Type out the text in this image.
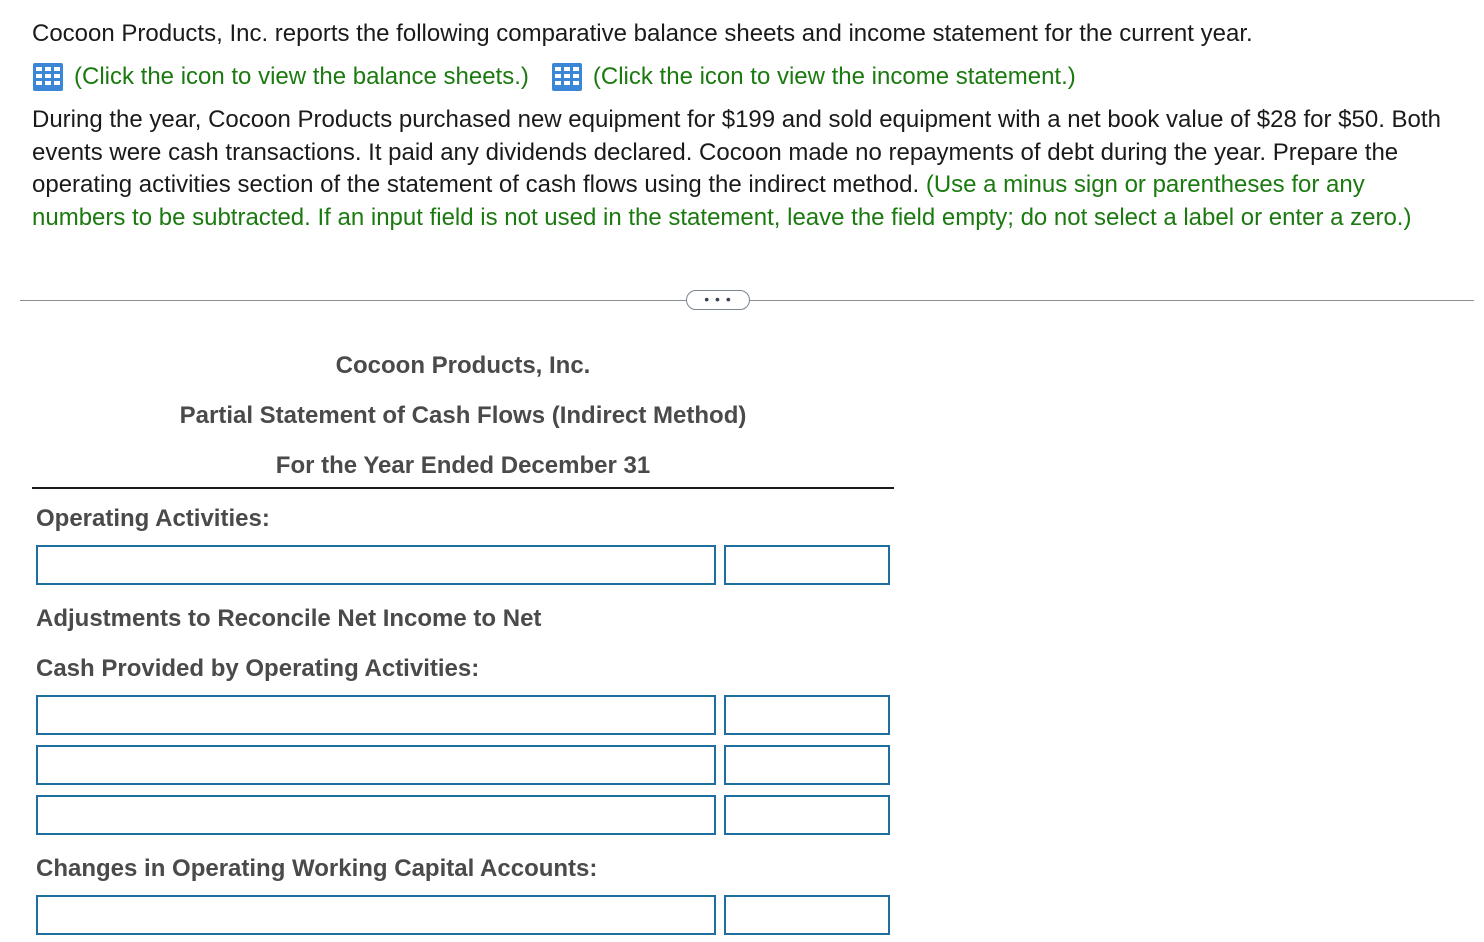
Cocoon Products, Inc. reports the following comparative balance sheets and income statement for the current year.
(Click the icon to view the balance sheets.)	(Click the icon to view the income statement.)
During the year, Cocoon Products purchased new equipment for $199 and sold equipment with a net book value of $28 for $50. Both events were cash transactions. It paid any dividends declared. Cocoon made no repayments of debt during the year. Prepare the operating activities section of the statement of cash flows using the indirect method. (Use a minus sign or parentheses for any numbers to be subtracted. If an input field is not used in the statement, leave the field empty; do not select a label or enter a zero.)
• • •
Cocoon Products, Inc.
Partial Statement of Cash Flows (Indirect Method)
For the Year Ended December 31
Operating Activities:
Adjustments to Reconcile Net Income to Net
Cash Provided by Operating Activities:
Changes in Operating Working Capital Accounts:
